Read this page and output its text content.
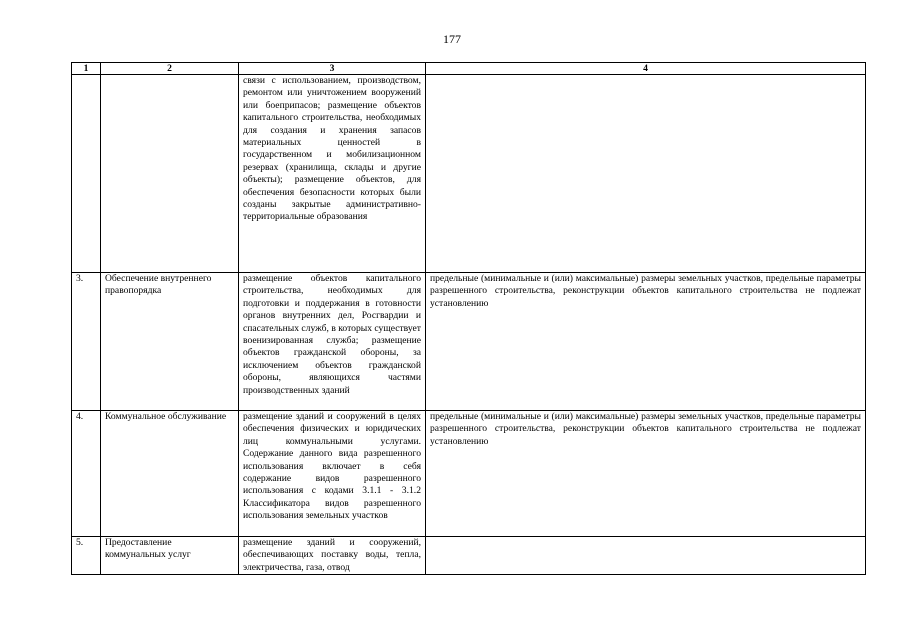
177
1	2	3	4
		связи с использованием, производством, ремонтом или уничтожением вооружений или боеприпасов; размещение объектов капитального строительства, необходимых для создания и хранения запасов материальных ценностей в государственном и мобилизационном резервах (хранилища, склады и другие объекты); размещение объектов, для обеспечения безопасности которых были созданы закрытые административно-территориальные образования	
3.	Обеспечение внутреннего правопорядка	размещение объектов капитального строительства, необходимых для подготовки и поддержания в готовности органов внутренних дел, Росгвардии и спасательных служб, в которых существует военизированная служба; размещение объектов гражданской обороны, за исключением объектов гражданской обороны, являющихся частями производственных зданий	предельные (минимальные и (или) максимальные) размеры земельных участков, предельные параметры разрешенного строительства, реконструкции объектов капитального строительства не подлежат установлению
4.	Коммунальное обслуживание	размещение зданий и сооружений в целях обеспечения физических и юридических лиц коммунальными услугами. Содержание данного вида разрешенного использования включает в себя содержание видов разрешенного использования с кодами 3.1.1 - 3.1.2 Классификатора видов разрешенного использования земельных участков	предельные (минимальные и (или) максимальные) размеры земельных участков, предельные параметры разрешенного строительства, реконструкции объектов капитального строительства не подлежат установлению
5.	Предоставление коммунальных услуг	размещение зданий и сооружений, обеспечивающих поставку воды, тепла, электричества, газа, отвод	
